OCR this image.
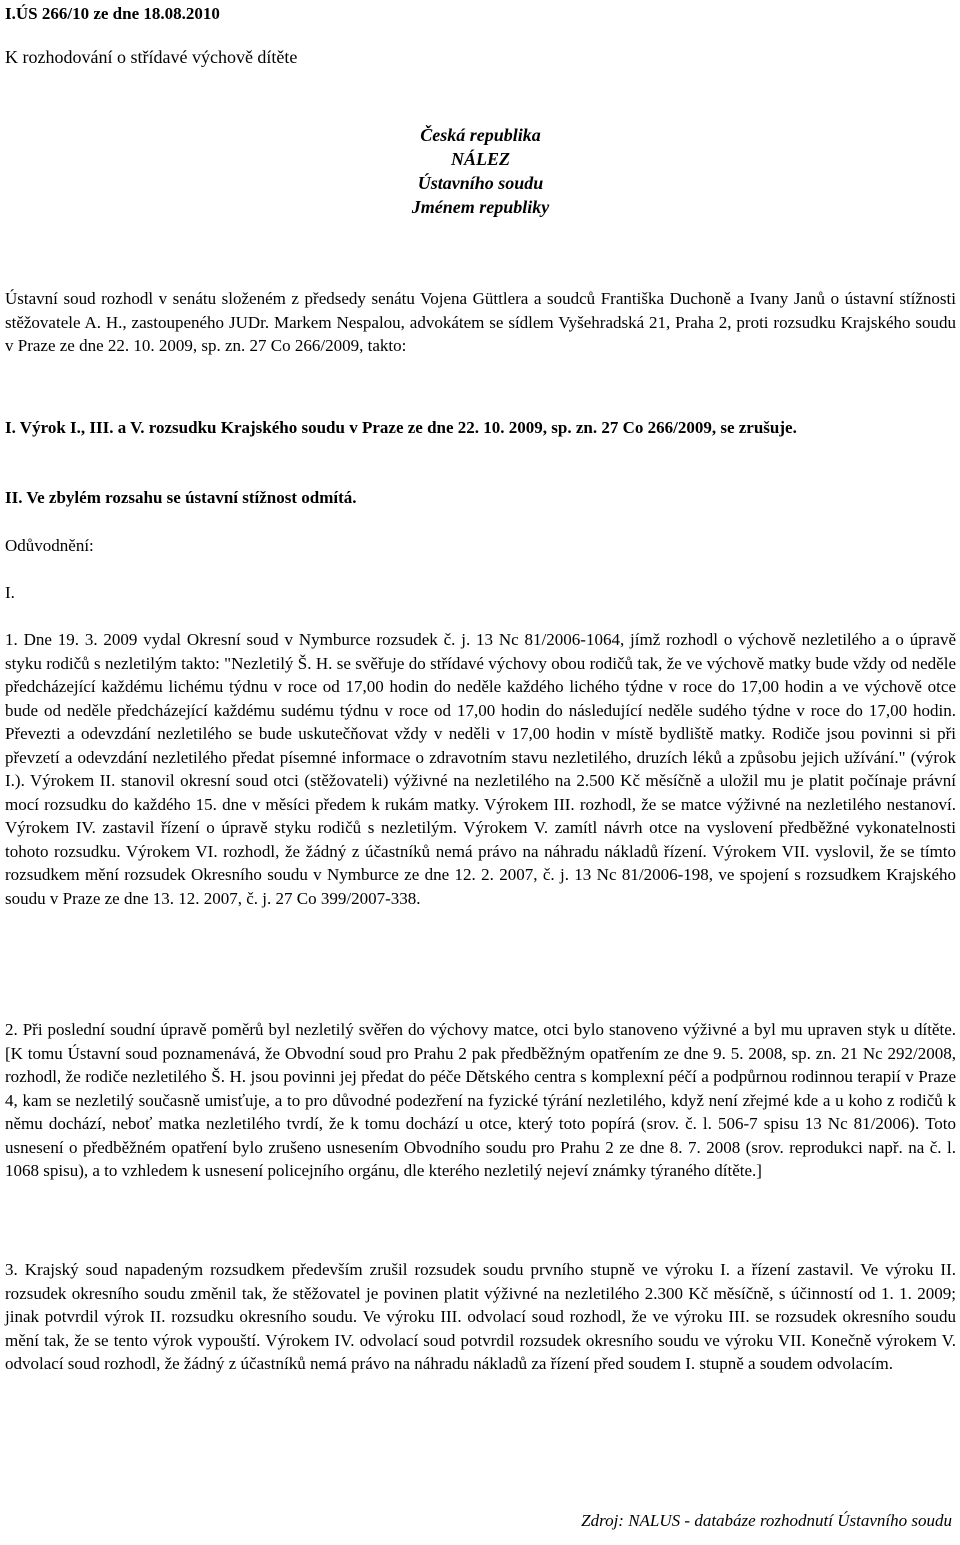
I.ÚS 266/10 ze dne 18.08.2010
K rozhodování o střídavé výchově dítěte
Česká republika
NÁLEZ
Ústavního soudu
Jménem republiky

Ústavní soud rozhodl v senátu složeném z předsedy senátu Vojena Güttlera a soudců Františka Duchoně a Ivany Janů o ústavní stížnosti stěžovatele A. H., zastoupeného JUDr. Markem Nespalou, advokátem se sídlem Vyšehradská 21, Praha 2, proti rozsudku Krajského soudu v Praze ze dne 22. 10. 2009, sp. zn. 27 Co 266/2009, takto:

I. Výrok I., III. a V. rozsudku Krajského soudu v Praze ze dne 22. 10. 2009, sp. zn. 27 Co 266/2009, se zrušuje.

II. Ve zbylém rozsahu se ústavní stížnost odmítá.

Odůvodnění:
I.

1. Dne 19. 3. 2009 vydal Okresní soud v Nymburce rozsudek č. j. 13 Nc 81/2006-1064, jímž rozhodl o výchově nezletilého a o úpravě styku rodičů s nezletilým takto: "Nezletilý Š. H. se svěřuje do střídavé výchovy obou rodičů tak, že ve výchově matky bude vždy od neděle předcházející každému lichému týdnu v roce od 17,00 hodin do neděle každého lichého týdne v roce do 17,00 hodin a ve výchově otce bude od neděle předcházející každému sudému týdnu v roce od 17,00 hodin do následující neděle sudého týdne v roce do 17,00 hodin. Převezti a odevzdání nezletilého se bude uskutečňovat vždy v neděli v 17,00 hodin v místě bydliště matky. Rodiče jsou povinni si při převzetí a odevzdání nezletilého předat písemné informace o zdravotním stavu nezletilého, druzích léků a způsobu jejich užívání." (výrok I.). Výrokem II. stanovil okresní soud otci (stěžovateli) výživné na nezletilého na 2.500 Kč měsíčně a uložil mu je platit počínaje právní mocí rozsudku do každého 15. dne v měsíci předem k rukám matky. Výrokem III. rozhodl, že se matce výživné na nezletilého nestanoví. Výrokem IV. zastavil řízení o úpravě styku rodičů s nezletilým. Výrokem V. zamítl návrh otce na vyslovení předběžné vykonatelnosti tohoto rozsudku. Výrokem VI. rozhodl, že žádný z účastníků nemá právo na náhradu nákladů řízení. Výrokem VII. vyslovil, že se tímto rozsudkem mění rozsudek Okresního soudu v Nymburce ze dne 12. 2. 2007, č. j. 13 Nc 81/2006-198, ve spojení s rozsudkem Krajského soudu v Praze ze dne 13. 12. 2007, č. j. 27 Co 399/2007-338.

2. Při poslední soudní úpravě poměrů byl nezletilý svěřen do výchovy matce, otci bylo stanoveno výživné a byl mu upraven styk u dítěte. [K tomu Ústavní soud poznamenává, že Obvodní soud pro Prahu 2 pak předběžným opatřením ze dne 9. 5. 2008, sp. zn. 21 Nc 292/2008, rozhodl, že rodiče nezletilého Š. H. jsou povinni jej předat do péče Dětského centra s komplexní péčí a podpůrnou rodinnou terapií v Praze 4, kam se nezletilý současně umisťuje, a to pro důvodné podezření na fyzické týrání nezletilého, když není zřejmé kde a u koho z rodičů k němu dochází, neboť matka nezletilého tvrdí, že k tomu dochází u otce, který toto popírá (srov. č. l. 506-7 spisu 13 Nc 81/2006). Toto usnesení o předběžném opatření bylo zrušeno usnesením Obvodního soudu pro Prahu 2 ze dne 8. 7. 2008 (srov. reprodukci např. na č. l. 1068 spisu), a to vzhledem k usnesení policejního orgánu, dle kterého nezletilý nejeví známky týraného dítěte.]

3. Krajský soud napadeným rozsudkem především zrušil rozsudek soudu prvního stupně ve výroku I. a řízení zastavil. Ve výroku II. rozsudek okresního soudu změnil tak, že stěžovatel je povinen platit výživné na nezletilého 2.300 Kč měsíčně, s účinností od 1. 1. 2009; jinak potvrdil výrok II. rozsudku okresního soudu. Ve výroku III. odvolací soud rozhodl, že ve výroku III. se rozsudek okresního soudu mění tak, že se tento výrok vypouští. Výrokem IV. odvolací soud potvrdil rozsudek okresního soudu ve výroku VII. Konečně výrokem V. odvolací soud rozhodl, že žádný z účastníků nemá právo na náhradu nákladů za řízení před soudem I. stupně a soudem odvolacím.

Zdroj: NALUS - databáze rozhodnutí Ústavního soudu
